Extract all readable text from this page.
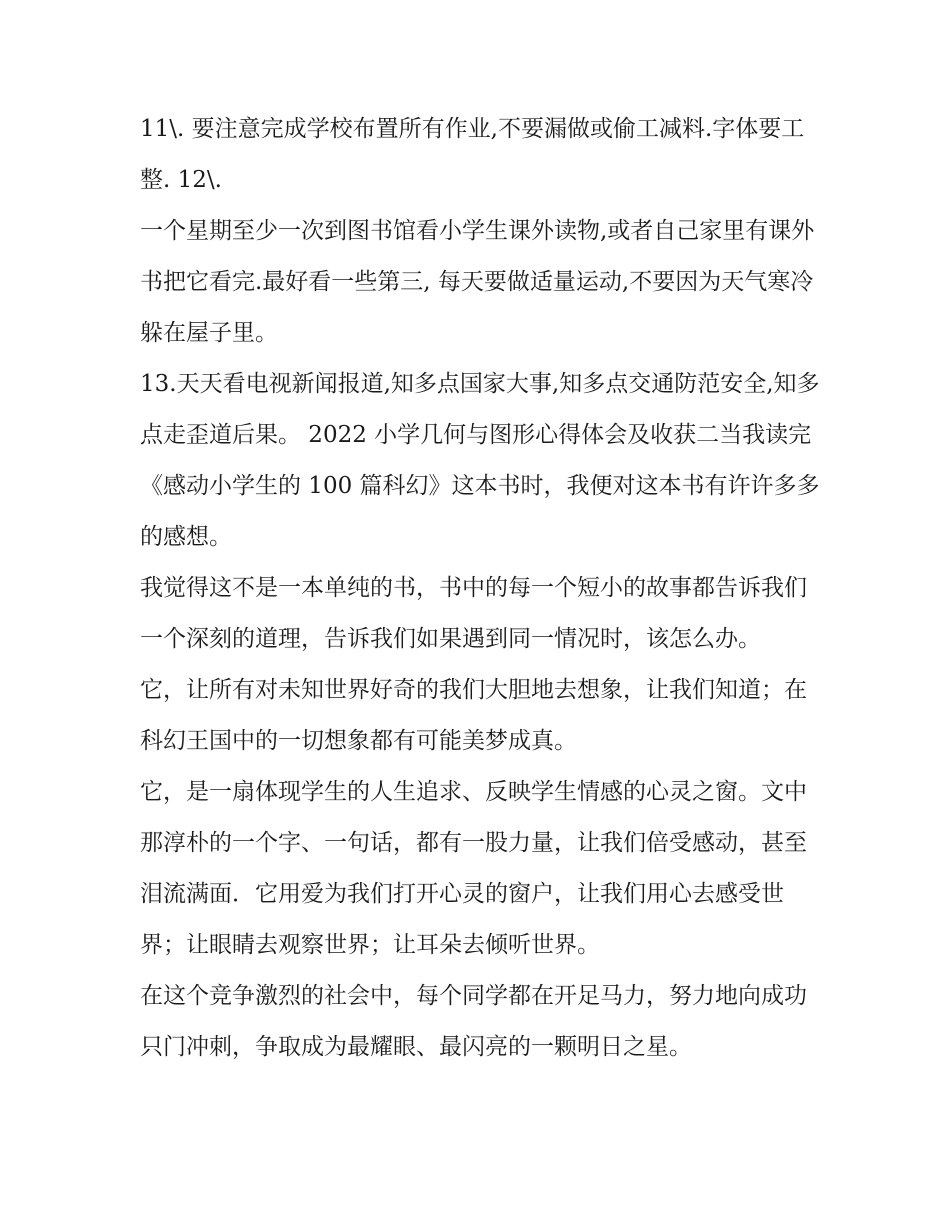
11\. 要注意完成学校布置所有作业,不要漏做或偷工减料.字体要工整. 12\.

一个星期至少一次到图书馆看小学生课外读物,或者自己家里有课外书把它看完.最好看一些第三, 每天要做适量运动,不要因为天气寒冷躲在屋子里。

13.天天看电视新闻报道,知多点国家大事,知多点交通防范安全,知多点走歪道后果。 2022 小学几何与图形心得体会及收获二当我读完《感动小学生的 100 篇科幻》这本书时，我便对这本书有许许多多的感想。

我觉得这不是一本单纯的书，书中的每一个短小的故事都告诉我们一个深刻的道理，告诉我们如果遇到同一情况时，该怎么办。

它，让所有对未知世界好奇的我们大胆地去想象，让我们知道；在科幻王国中的一切想象都有可能美梦成真。

它，是一扇体现学生的人生追求、反映学生情感的心灵之窗。文中那淳朴的一个字、一句话，都有一股力量，让我们倍受感动，甚至泪流满面．它用爱为我们打开心灵的窗户，让我们用心去感受世界；让眼睛去观察世界；让耳朵去倾听世界。

在这个竞争激烈的社会中，每个同学都在开足马力，努力地向成功只门冲刺，争取成为最耀眼、最闪亮的一颗明日之星。
